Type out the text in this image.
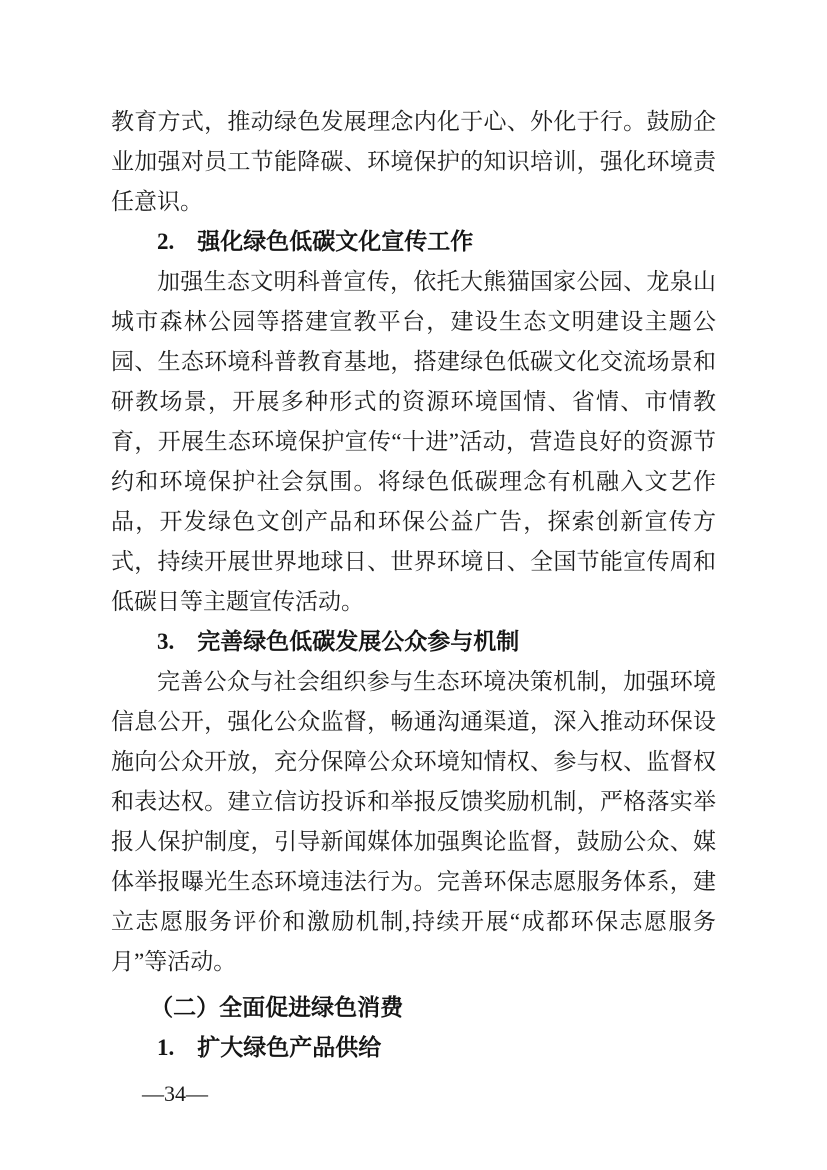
教育方式，推动绿色发展理念内化于心、外化于行。鼓励企业加强对员工节能降碳、环境保护的知识培训，强化环境责任意识。

2.　强化绿色低碳文化宣传工作

加强生态文明科普宣传，依托大熊猫国家公园、龙泉山城市森林公园等搭建宣教平台，建设生态文明建设主题公园、生态环境科普教育基地，搭建绿色低碳文化交流场景和研教场景，开展多种形式的资源环境国情、省情、市情教育，开展生态环境保护宣传“十进”活动，营造良好的资源节约和环境保护社会氛围。将绿色低碳理念有机融入文艺作品，开发绿色文创产品和环保公益广告，探索创新宣传方式，持续开展世界地球日、世界环境日、全国节能宣传周和低碳日等主题宣传活动。

3.　完善绿色低碳发展公众参与机制

完善公众与社会组织参与生态环境决策机制，加强环境信息公开，强化公众监督，畅通沟通渠道，深入推动环保设施向公众开放，充分保障公众环境知情权、参与权、监督权和表达权。建立信访投诉和举报反馈奖励机制，严格落实举报人保护制度，引导新闻媒体加强舆论监督，鼓励公众、媒体举报曝光生态环境违法行为。完善环保志愿服务体系，建立志愿服务评价和激励机制,持续开展“成都环保志愿服务月”等活动。

（二）全面促进绿色消费

1.　扩大绿色产品供给

—34—
